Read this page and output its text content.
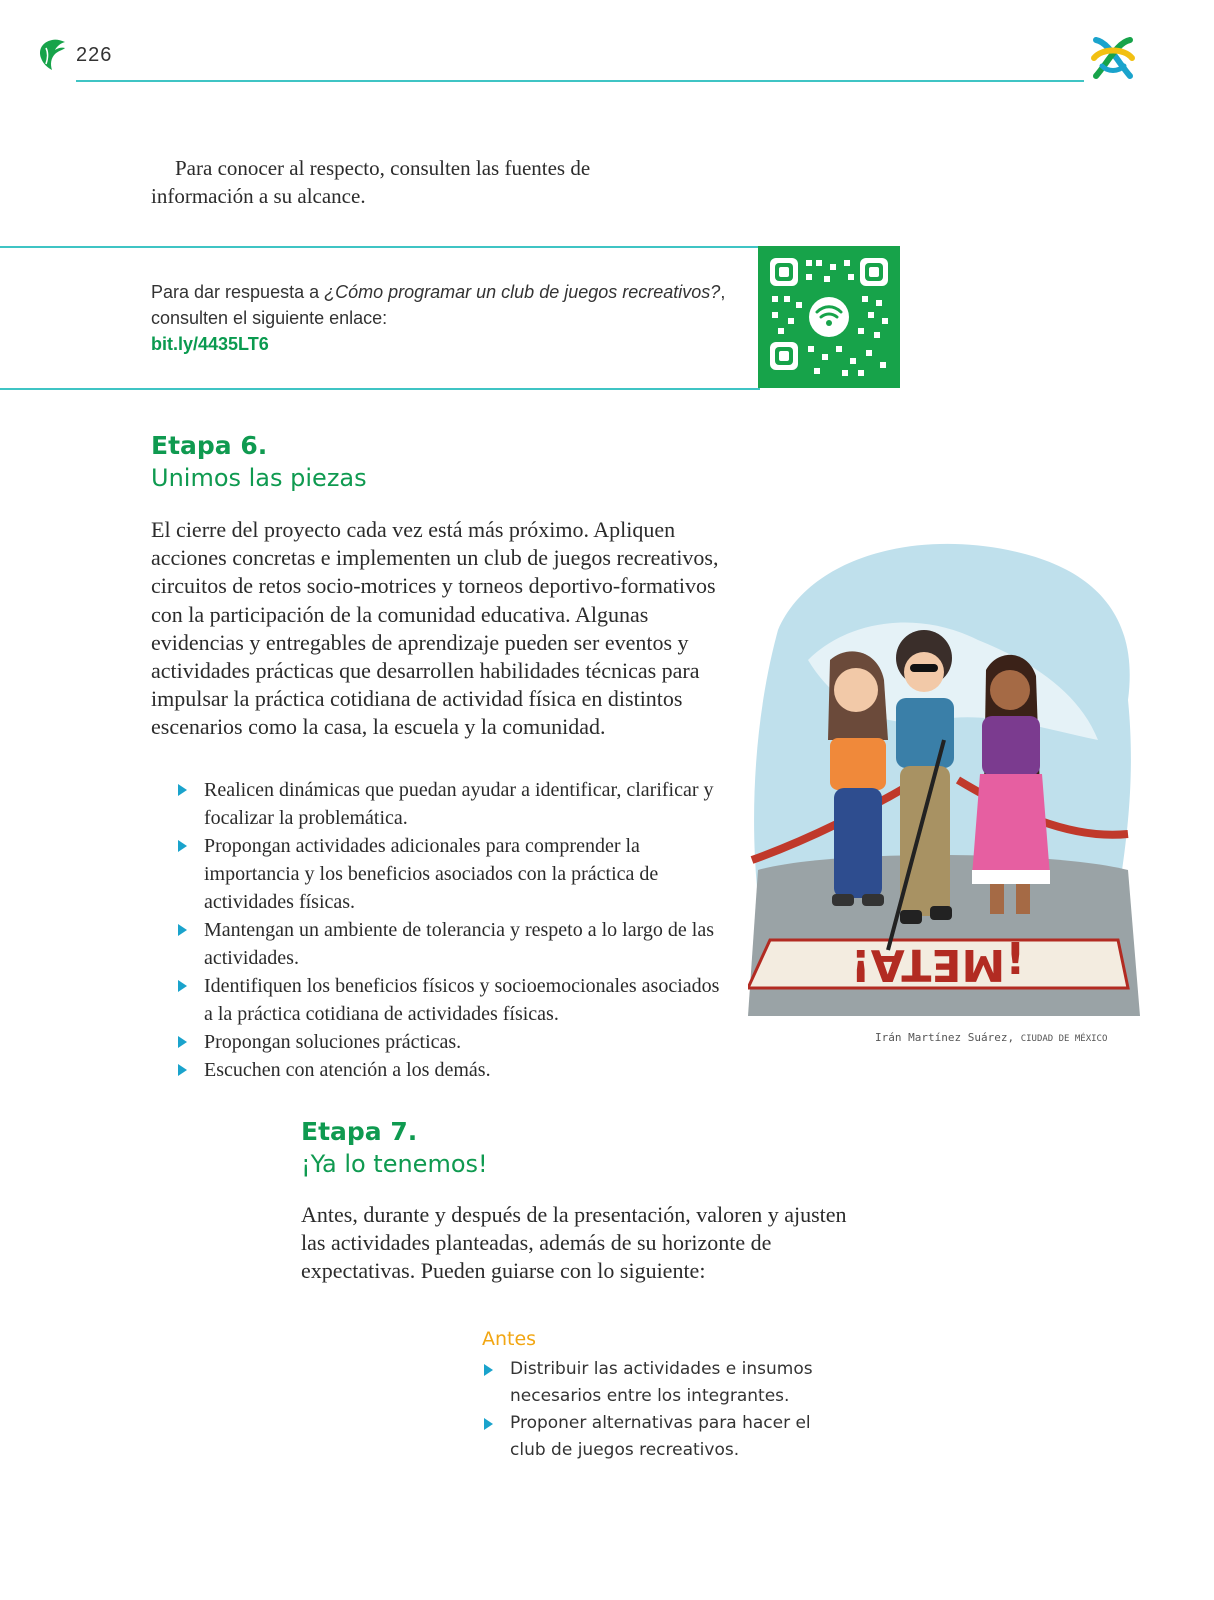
226
Para conocer al respecto, consulten las fuentes de información a su alcance.
Para dar respuesta a ¿Cómo programar un club de juegos recreativos?, consulten el siguiente enlace:
bit.ly/4435LT6
Etapa 6.
Unimos las piezas
El cierre del proyecto cada vez está más próximo. Apliquen acciones concretas e implementen un club de juegos recreativos, circuitos de retos socio-motrices y torneos deportivo-formativos con la participación de la comunidad educativa. Algunas evidencias y entregables de aprendizaje pueden ser eventos y actividades prácticas que desarrollen habilidades técnicas para impulsar la práctica cotidiana de actividad física en distintos escenarios como la casa, la escuela y la comunidad.
Realicen dinámicas que puedan ayudar a identificar, clarificar y focalizar la problemática.
Propongan actividades adicionales para comprender la importancia y los beneficios asociados con la práctica de actividades físicas.
Mantengan un ambiente de tolerancia y respeto a lo largo de las actividades.
Identifiquen los beneficios físicos y socioemocionales asociados a la práctica cotidiana de actividades físicas.
Propongan soluciones prácticas.
Escuchen con atención a los demás.
¡META!
Irán Martínez Suárez, CIUDAD DE MÉXICO
Etapa 7.
¡Ya lo tenemos!
Antes, durante y después de la presentación, valoren y ajusten las actividades planteadas, además de su horizonte de expectativas. Pueden guiarse con lo siguiente:
Antes
Distribuir las actividades e insumos necesarios entre los integrantes.
Proponer alternativas para hacer el club de juegos recreativos.
